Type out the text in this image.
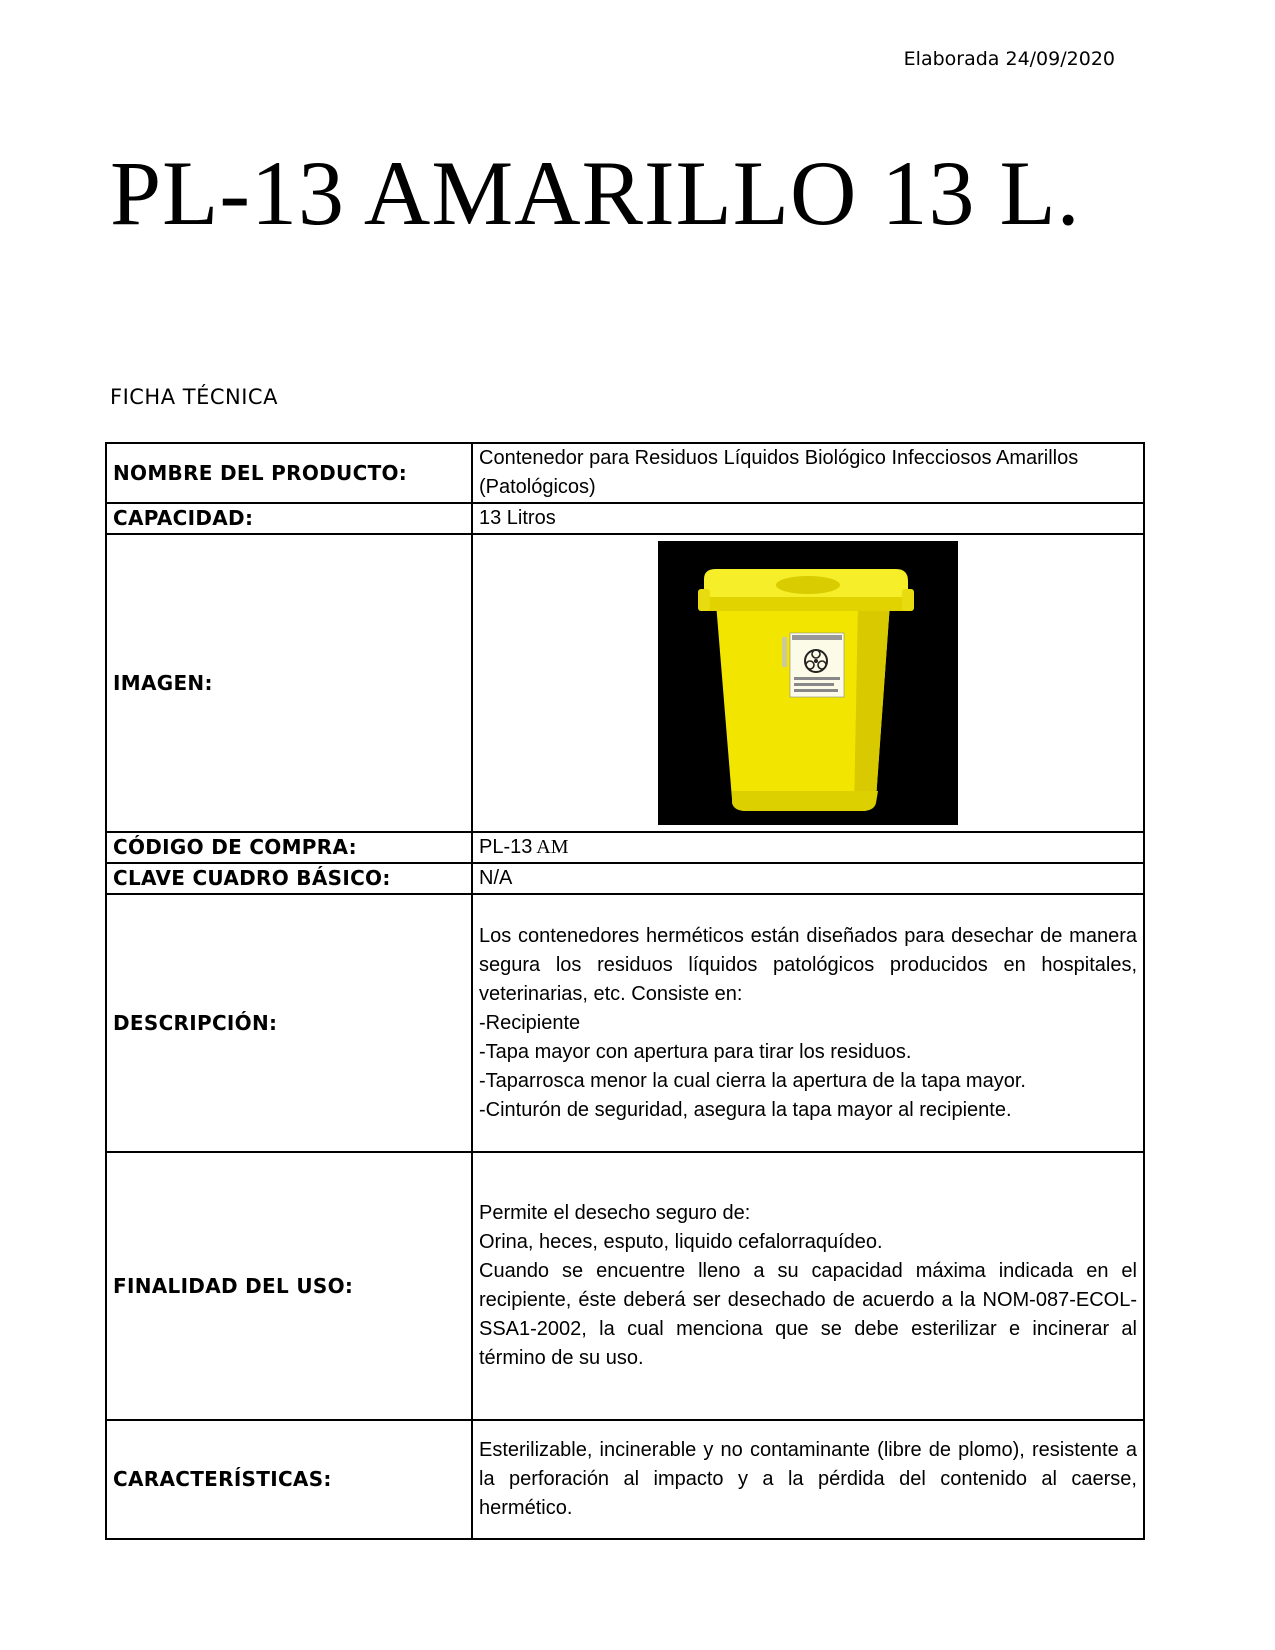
Elaborada 24/09/2020
PL-13 AMARILLO 13 L.
FICHA TÉCNICA
NOMBRE DEL PRODUCTO:	Contenedor para Residuos Líquidos Biológico Infecciosos Amarillos (Patológicos)
CAPACIDAD:	13 Litros
IMAGEN:	

CÓDIGO DE COMPRA:	PL-13 AM
CLAVE CUADRO BÁSICO:	N/A
DESCRIPCIÓN:	Los contenedores herméticos están diseñados para desechar de manera segura los residuos líquidos patológicos producidos en hospitales, veterinarias, etc. Consiste en:
-Recipiente
-Tapa mayor con apertura para tirar los residuos.
-Taparrosca menor la cual cierra la apertura de la tapa mayor.
-Cinturón de seguridad, asegura la tapa mayor al recipiente.

FINALIDAD DEL USO:	Permite el desecho seguro de:
Orina, heces, esputo, liquido cefalorraquídeo.
Cuando se encuentre lleno a su capacidad máxima indicada en el recipiente, éste deberá ser desechado de acuerdo a la NOM-087-ECOL-SSA1-2002, la cual menciona que se debe esterilizar e incinerar al término de su uso.

CARACTERÍSTICAS:	Esterilizable, incinerable y no contaminante (libre de plomo), resistente a la perforación al impacto y a la pérdida del contenido al caerse, hermético.
